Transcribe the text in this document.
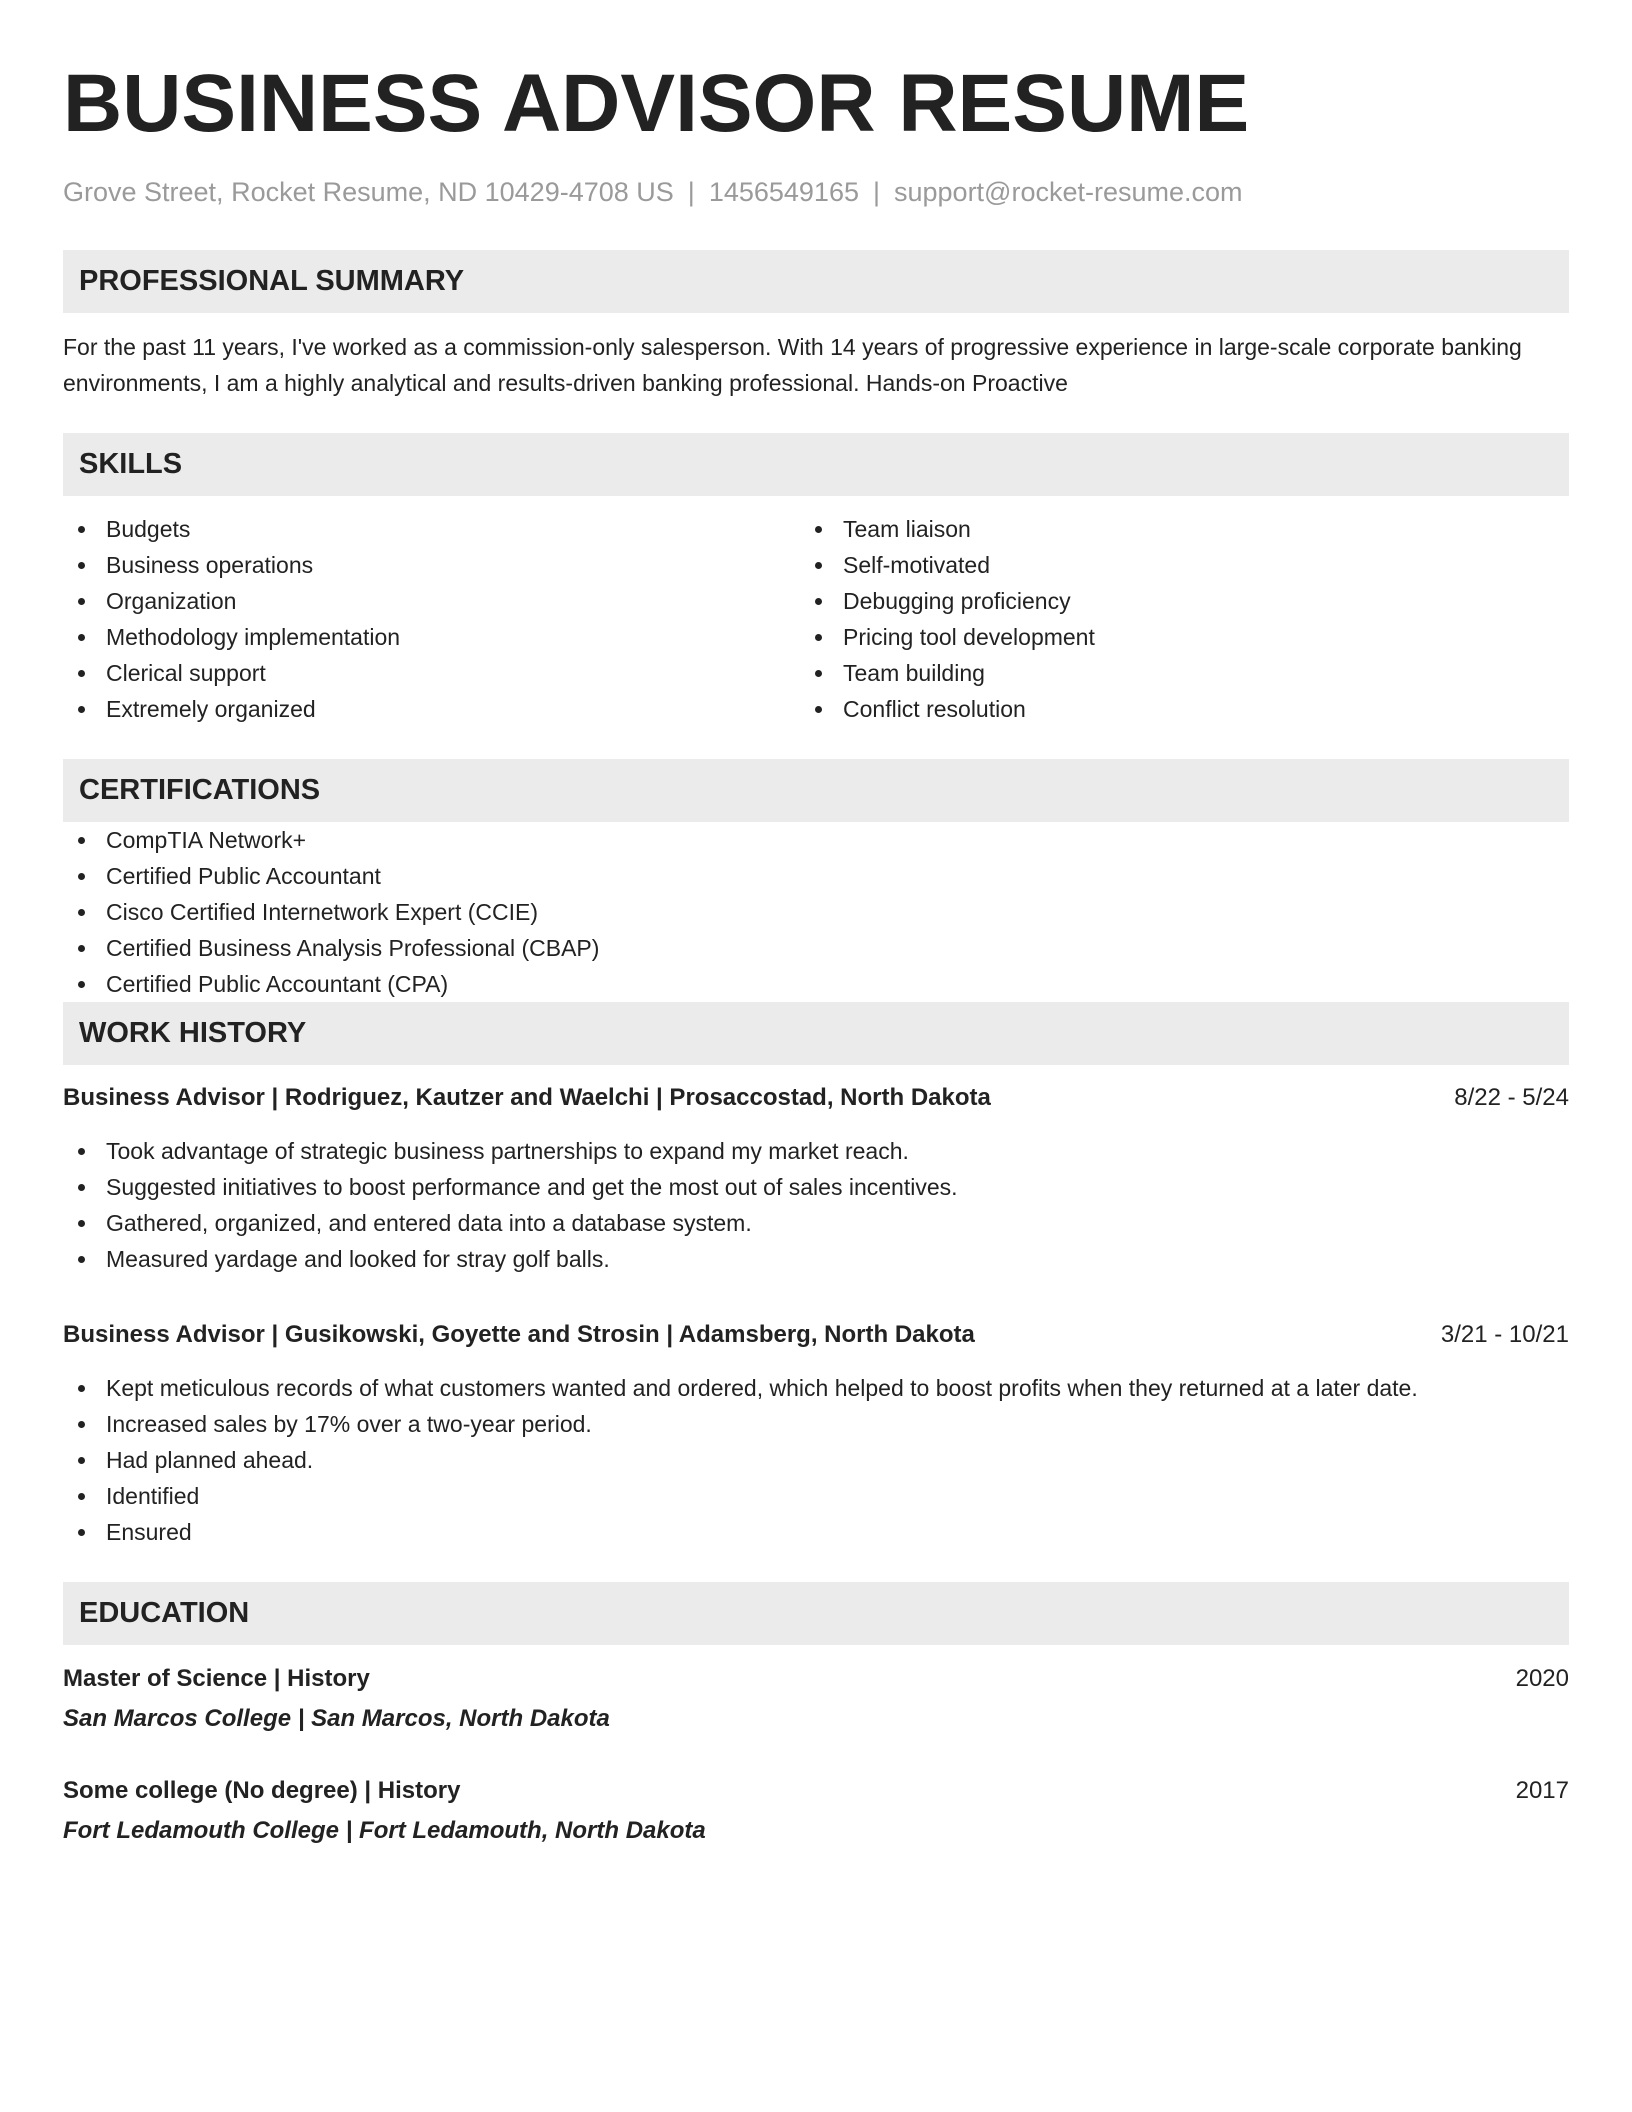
BUSINESS ADVISOR RESUME
Grove Street, Rocket Resume, ND 10429-4708 US | 1456549165 | support@rocket-resume.com
PROFESSIONAL SUMMARY

For the past 11 years, I've worked as a commission-only salesperson. With 14 years of progressive experience in large-scale corporate banking environments, I am a highly analytical and results-driven banking professional. Hands-on Proactive

SKILLS
Budgets
Business operations
Organization
Methodology implementation
Clerical support
Extremely organized
Team liaison
Self-motivated
Debugging proficiency
Pricing tool development
Team building
Conflict resolution
CERTIFICATIONS
CompTIA Network+
Certified Public Accountant
Cisco Certified Internetwork Expert (CCIE)
Certified Business Analysis Professional (CBAP)
Certified Public Accountant (CPA)
WORK HISTORY
Business Advisor | Rodriguez, Kautzer and Waelchi | Prosaccostad, North Dakota	8/22 - 5/24
Took advantage of strategic business partnerships to expand my market reach.
Suggested initiatives to boost performance and get the most out of sales incentives.
Gathered, organized, and entered data into a database system.
Measured yardage and looked for stray golf balls.
Business Advisor | Gusikowski, Goyette and Strosin | Adamsberg, North Dakota	3/21 - 10/21
Kept meticulous records of what customers wanted and ordered, which helped to boost profits when they returned at a later date.
Increased sales by 17% over a two-year period.
Had planned ahead.
Identified
Ensured
EDUCATION
Master of Science | History	2020
San Marcos College | San Marcos, North Dakota
Some college (No degree) | History	2017
Fort Ledamouth College | Fort Ledamouth, North Dakota
